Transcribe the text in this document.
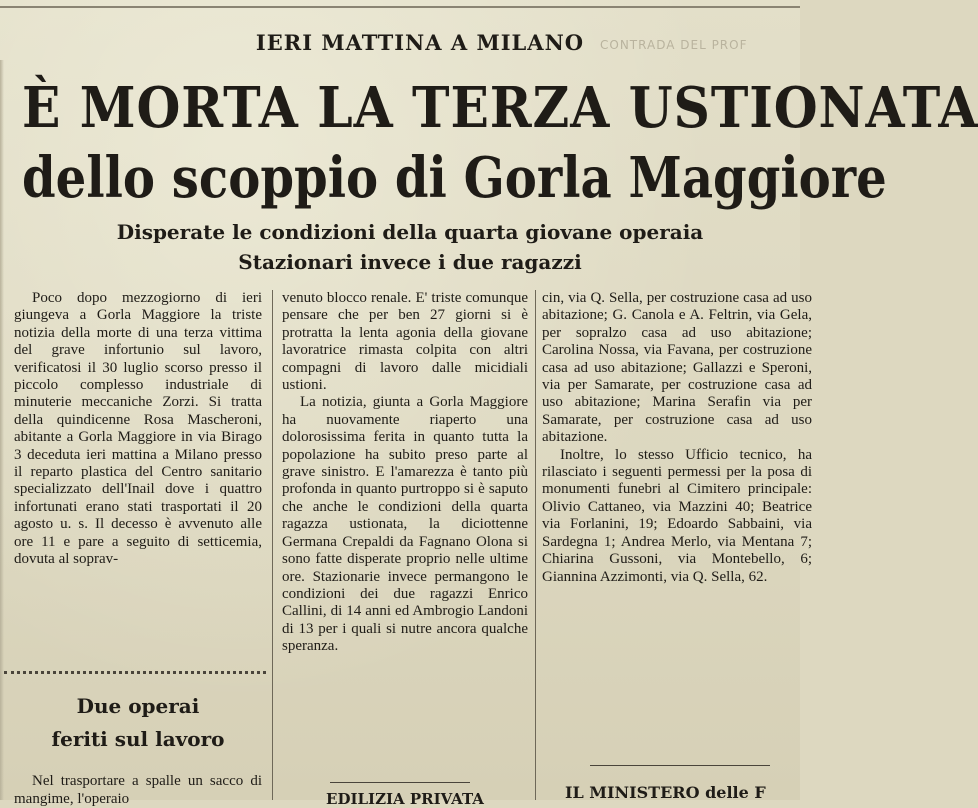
CONTRADA DEL PROF
IERI MATTINA A MILANO
È MORTA LA TERZA USTIONATA
dello scoppio di Gorla Maggiore
Disperate le condizioni della quarta giovane operaia
Stazionari invece i due ragazzi

Poco dopo mezzogiorno di ieri giungeva a Gorla Maggiore la triste notizia della morte di una terza vittima del grave infortunio sul lavoro, verificatosi il 30 luglio scorso presso il piccolo complesso industriale di minuterie meccaniche Zorzi. Si tratta della quindicenne Rosa Mascheroni, abitante a Gorla Maggiore in via Birago 3 deceduta ieri mattina a Milano presso il reparto plastica del Centro sanitario specializzato dell'Inail dove i quattro infortunati erano stati trasportati il 20 agosto u. s. Il decesso è avvenuto alle ore 11 e pare a seguito di setticemia, dovuta al soprav-

Due operai
feriti sul lavoro

Nel trasportare a spalle un sacco di mangime, l'operaio

venuto blocco renale. E' triste comunque pensare che per ben 27 giorni si è protratta la lenta agonia della giovane lavoratrice rimasta colpita con altri compagni di lavoro dalle micidiali ustioni.

La notizia, giunta a Gorla Maggiore ha nuovamente riaperto una dolorosissima ferita in quanto tutta la popolazione ha subito preso parte al grave sinistro. E l'amarezza è tanto più profonda in quanto purtroppo si è saputo che anche le condizioni della quarta ragazza ustionata, la diciottenne Germana Crepaldi da Fagnano Olona si sono fatte disperate proprio nelle ultime ore. Stazionarie invece permangono le condizioni dei due ragazzi Enrico Callini, di 14 anni ed Ambrogio Landoni di 13 per i quali si nutre ancora qualche speranza.

EDILIZIA PRIVATA

cin, via Q. Sella, per costruzione casa ad uso abitazione; G. Canola e A. Feltrin, via Gela, per sopralzo casa ad uso abitazione; Carolina Nossa, via Favana, per costruzione casa ad uso abitazione; Gallazzi e Speroni, via per Samarate, per costruzione casa ad uso abitazione; Marina Serafin via per Samarate, per costruzione casa ad uso abitazione.

Inoltre, lo stesso Ufficio tecnico, ha rilasciato i seguenti permessi per la posa di monumenti funebri al Cimitero principale: Olivio Cattaneo, via Mazzini 40; Beatrice via Forlanini, 19; Edoardo Sabbaini, via Sardegna 1; Andrea Merlo, via Mentana 7; Chiarina Gussoni, via Montebello, 6; Giannina Azzimonti, via Q. Sella, 62.

IL MINISTERO delle F
